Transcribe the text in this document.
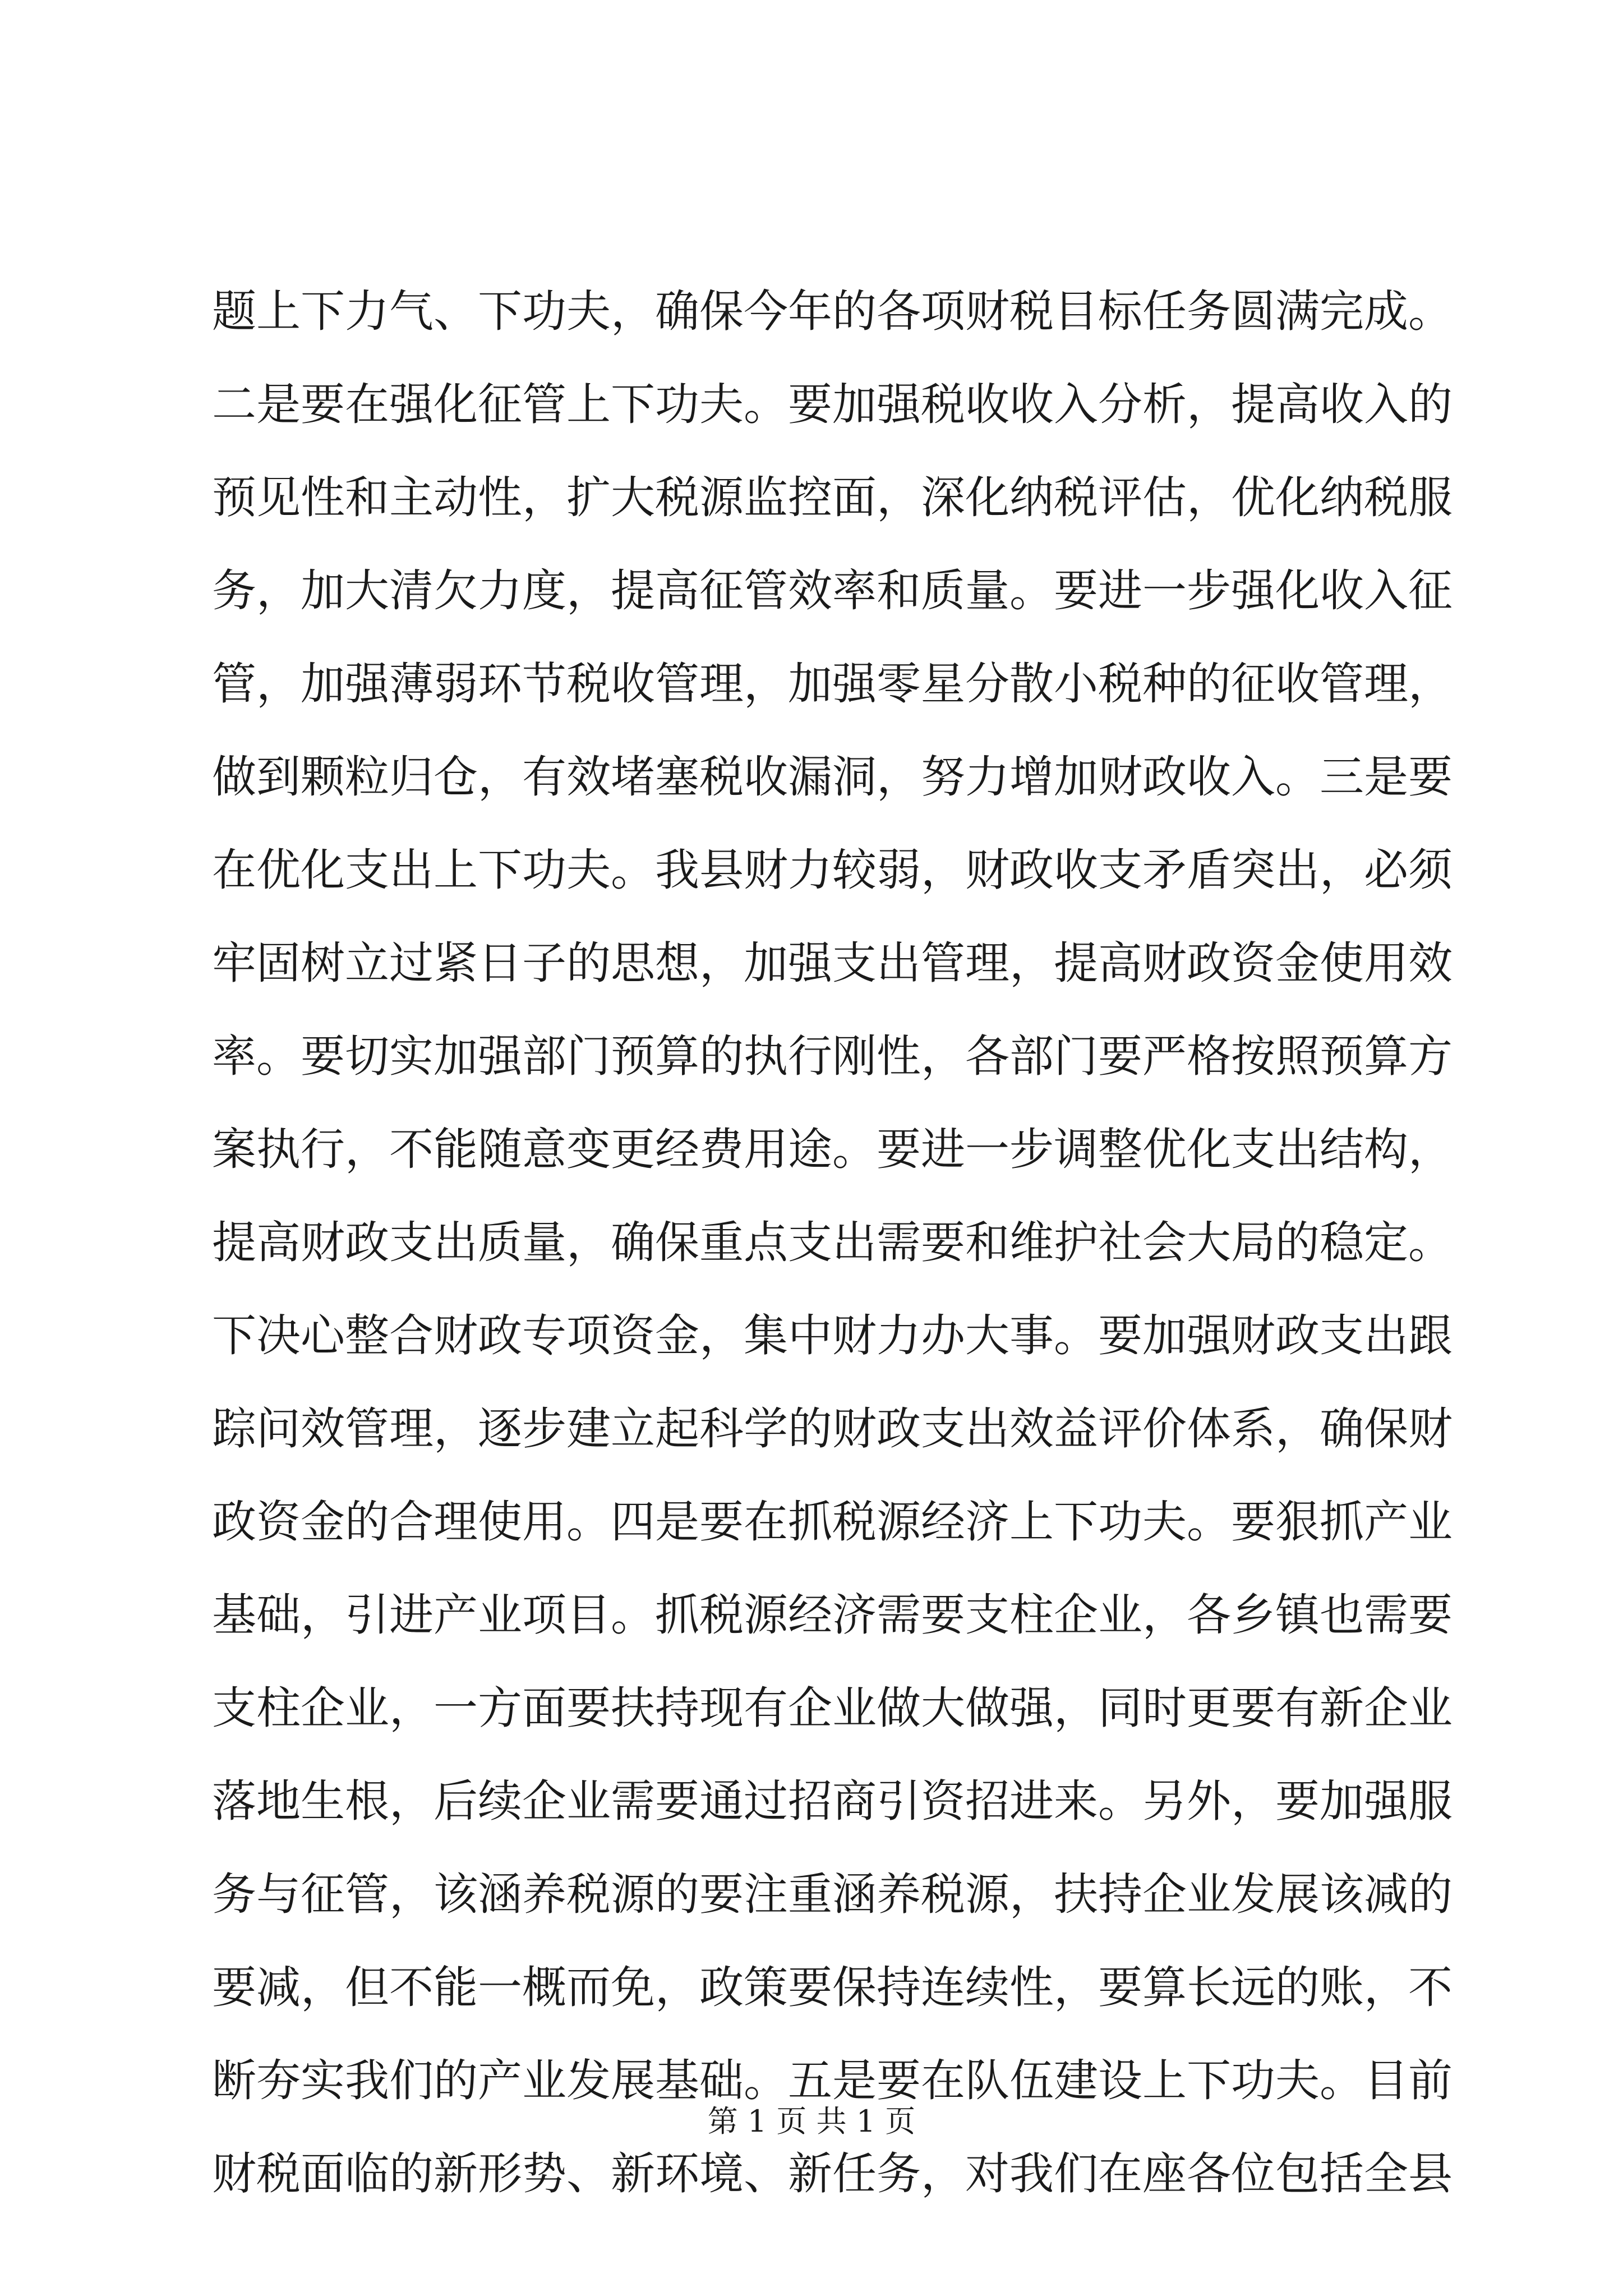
题上下力气、下功夫，确保今年的各项财税目标任务圆满完成。
二是要在强化征管上下功夫。要加强税收收入分析，提高收入的
预见性和主动性，扩大税源监控面，深化纳税评估，优化纳税服
务，加大清欠力度，提高征管效率和质量。要进一步强化收入征
管，加强薄弱环节税收管理，加强零星分散小税种的征收管理，
做到颗粒归仓，有效堵塞税收漏洞，努力增加财政收入。三是要
在优化支出上下功夫。我县财力较弱，财政收支矛盾突出，必须
牢固树立过紧日子的思想，加强支出管理，提高财政资金使用效
率。要切实加强部门预算的执行刚性，各部门要严格按照预算方
案执行，不能随意变更经费用途。要进一步调整优化支出结构，
提高财政支出质量，确保重点支出需要和维护社会大局的稳定。
下决心整合财政专项资金，集中财力办大事。要加强财政支出跟
踪问效管理，逐步建立起科学的财政支出效益评价体系，确保财
政资金的合理使用。四是要在抓税源经济上下功夫。要狠抓产业
基础，引进产业项目。抓税源经济需要支柱企业，各乡镇也需要
支柱企业，一方面要扶持现有企业做大做强，同时更要有新企业
落地生根，后续企业需要通过招商引资招进来。另外，要加强服
务与征管，该涵养税源的要注重涵养税源，扶持企业发展该减的
要减，但不能一概而免，政策要保持连续性，要算长远的账，不
断夯实我们的产业发展基础。五是要在队伍建设上下功夫。目前
财税面临的新形势、新环境、新任务，对我们在座各位包括全县
第 1 页 共 1 页
